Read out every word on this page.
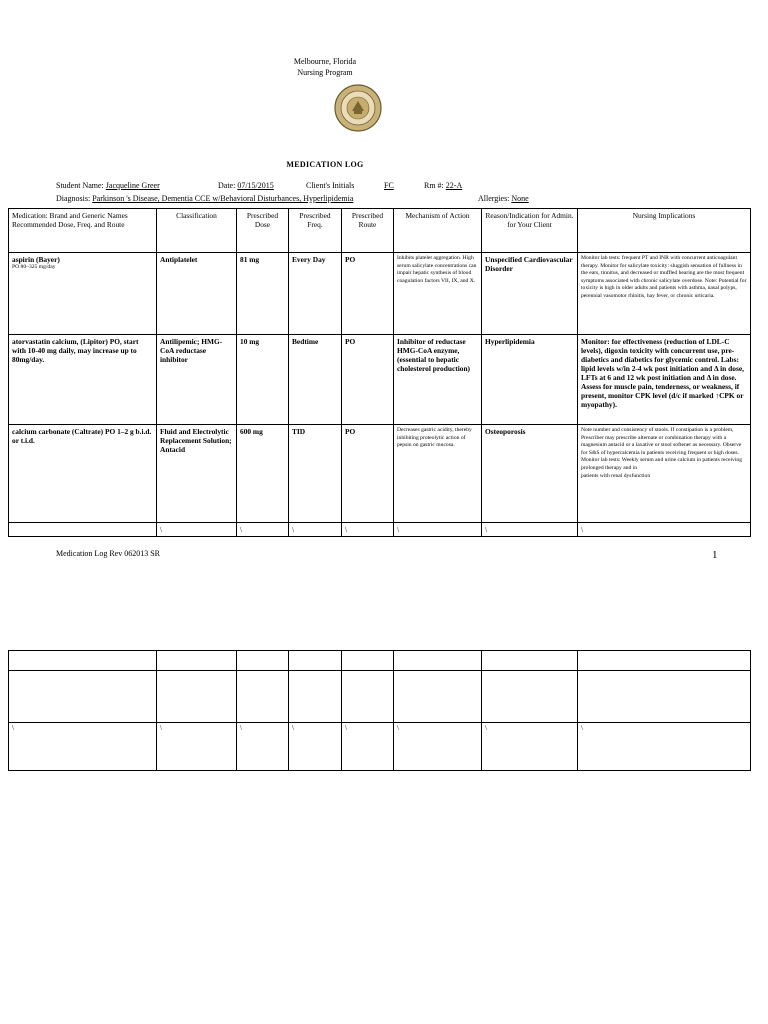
Melbourne, Florida
Nursing Program
MEDICATION LOG
Student Name: Jacqueline Greer	Date: 07/15/2015	Client's Initials	FC	Rm #: 22-A
Diagnosis: Parkinson 's Disease, Dementia CCE w/Behavioral Disturbances, Hyperlipidemia	Allergies: None
Medication: Brand and Generic Names Recommended Dose, Freq. and Route	Classification	Prescribed Dose	Prescribed Freq.	Prescribed Route	Mechanism of Action	Reason/Indication for Admin. for Your Client	Nursing Implications

aspirin (Bayer)
PO 80–325 mg/day	Antiplatelet	81 mg	Every Day	PO	Inhibits platelet aggregation. High serum salicylate concentrations can impair hepatic synthesis of blood coagulation factors VII, IX, and X.	Unspecified Cardiovascular Disorder	Monitor lab tests: frequent PT and INR with concurrent anticoagulant therapy. Monitor for salicylate toxicity: sluggish sensation of fullness in the ears, tinnitus, and decreased or muffled hearing are the most frequent symptoms associated with chronic salicylate overdose. Note: Potential for toxicity is high in older adults and patients with asthma, nasal polyps, perennial vasomotor rhinitis, hay fever, or chronic urticaria.
atorvastatin calcium, (Lipitor) PO, start with 10-40 mg daily, may increase up to 80mg/day.	Antilipemic; HMG-CoA reductase inhibitor	10 mg	Bedtime	PO	Inhibitor of reductase HMG-CoA enzyme, (essential to hepatic cholesterol production)	Hyperlipidemia	Monitor: for effectiveness (reduction of LDL-C levels), digoxin toxicity with concurrent use, pre-diabetics and diabetics for glycemic control. Labs: lipid levels w/in 2-4 wk post initiation and Δ in dose, LFTs at 6 and 12 wk post initiation and Δ in dose. Assess for muscle pain, tenderness, or weakness, if present, monitor CPK level (d/c if marked ↑CPK or myopathy).
calcium carbonate (Caltrate) PO 1–2 g b.i.d. or t.i.d.	Fluid and Electrolytic Replacement Solution; Antacid	600 mg	TID	PO	Decreases gastric acidity, thereby inhibiting proteolytic action of pepsin on gastric mucosa.	Osteoporosis	Note number and consistency of stools. If constipation is a problem, Prescriber may prescribe alternate or combination therapy with a magnesium antacid or a laxative or stool softener as necessary. Observe for S&S of hypercalcemia in patients receiving frequent or high doses. Monitor lab tests: Weekly serum and urine calcium in patients receiving prolonged therapy and in
patients with renal dysfunction

	\	\	\	\	\	\	\
Medication Log Rev 062013 SR	1

\	\	\	\	\	\	\	\
